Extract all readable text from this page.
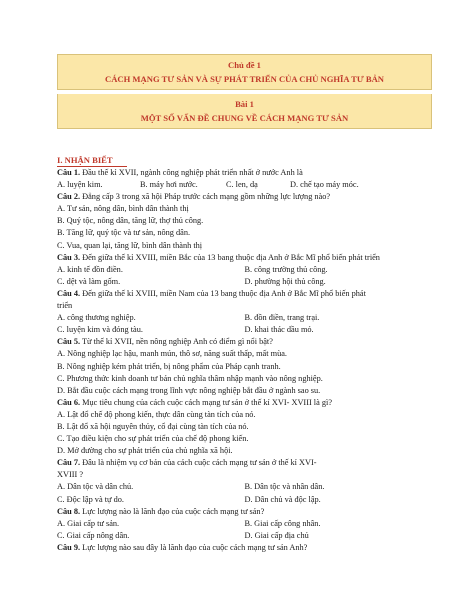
Chủ đề 1
CÁCH MẠNG TƯ SẢN VÀ SỰ PHÁT TRIỂN CỦA CHỦ NGHĨA TƯ BẢN
Bài 1
MỘT SỐ VẤN ĐỀ CHUNG VỀ CÁCH MẠNG TƯ SẢN
I. NHẬN BIẾT

Câu 1. Đầu thế kỉ XVII, ngành công nghiệp phát triển nhất ở nước Anh là

A. luyện kim.	B. máy hơi nước.	C. len, dạ	D. chế tạo máy móc.

Câu 2. Đẳng cấp 3 trong xã hội Pháp trước cách mạng gồm những lực lượng nào?

A. Tư sản, nông dân, bình dân thành thị

B. Quý tộc, nông dân, tăng lữ, thợ thủ công.

B. Tăng lữ, quý tộc và tư sản, nông dân.

C. Vua, quan lại, tăng lữ, bình dân thành thị

Câu 3. Đến giữa thế kỉ XVIII, miền Bắc của 13 bang thuộc địa Anh ở Bắc Mĩ phổ biến phát triển

A. kinh tế đồn điền.	B. công trường thủ công.
C. dệt và làm gốm.	D. phường hội thủ công.

Câu 4. Đến giữa thế kỉ XVIII, miền Nam của 13 bang thuộc địa Anh ở Bắc Mĩ phổ biến phát

triển

A. công thương nghiệp.	B. đồn điền, trang trại.
C. luyện kim và đóng tàu.	D. khai thác dầu mỏ.

Câu 5. Từ thế kỉ XVII, nền nông nghiệp Anh có điểm gì nổi bật?

A. Nông nghiệp lạc hậu, manh mún, thô sơ, năng suất thấp, mất mùa.

B. Nông nghiệp kém phát triển, bị nông phẩm của Pháp cạnh tranh.

C. Phương thức kinh doanh tư bản chủ nghĩa thâm nhập mạnh vào nông nghiệp.

D. Bắt đầu cuộc cách mạng trong lĩnh vực nông nghiệp bắt đầu ở ngành sao su.

Câu 6. Mục tiêu chung của cách cuộc cách mạng tư sản ở thế kỉ XVI- XVIII là gì?

A. Lật đổ chế độ phong kiến, thực dân cùng tàn tích của nó.

B. Lật đổ xã hội nguyên thủy, cổ đại cùng tàn tích của nó.

C. Tạo điều kiện cho sự phát triển của chế độ phong kiến.

D. Mở đường cho sự phát triển của chủ nghĩa xã hội.

Câu 7. Đâu là nhiệm vụ cơ bản của cách cuộc cách mạng tư sản ở thế kỉ XVI-

XVIII ?

A. Dân tộc và dân chủ.	B. Dân tộc và nhân dân.
C. Độc lập và tự do.	D. Dân chủ và độc lập.

Câu 8. Lực lượng nào là lãnh đạo của cuộc cách mạng tư sản?

A. Giai cấp tư sản.	B. Giai cấp công nhân.
C. Giai cấp nông dân.	D. Giai cấp địa chủ

Câu 9. Lực lượng nào sau đây là lãnh đạo của cuộc cách mạng tư sản Anh?
